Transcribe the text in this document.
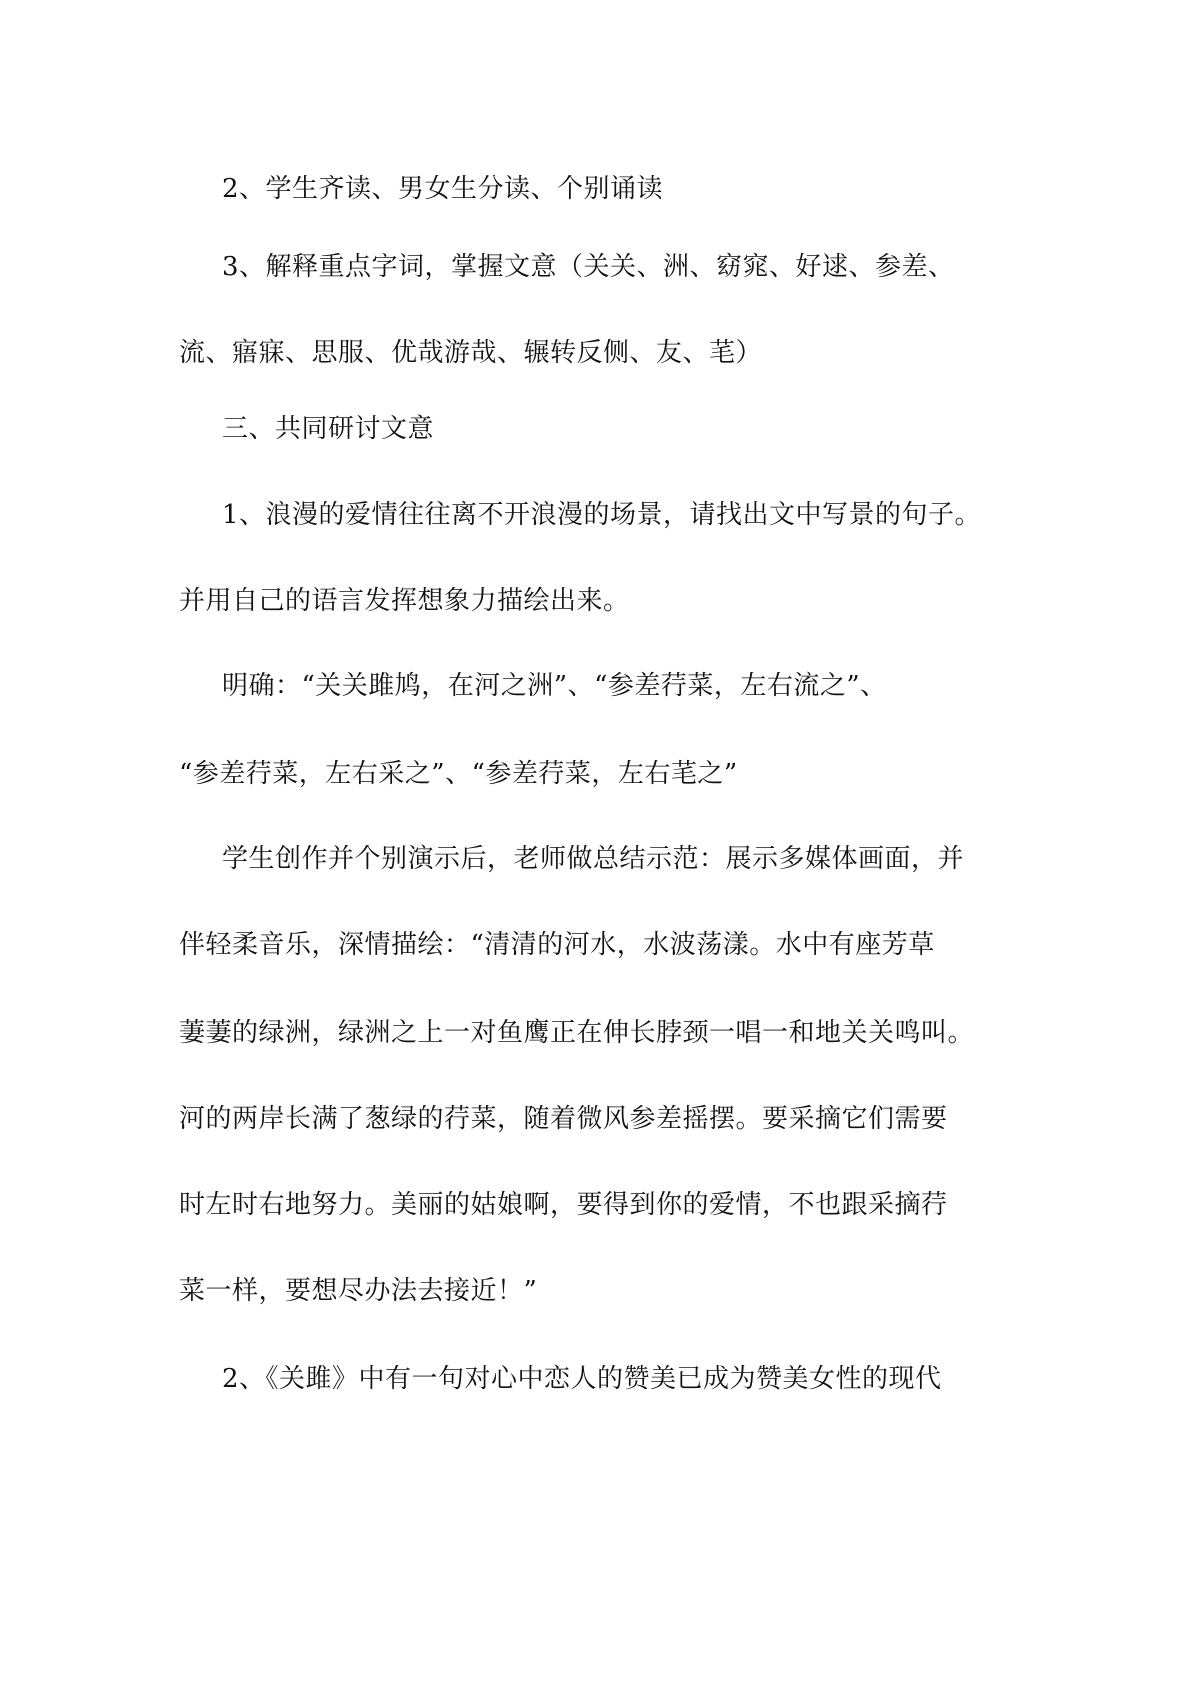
2、学生齐读、男女生分读、个别诵读
3、解释重点字词，掌握文意（关关、洲、窈窕、好逑、参差、
流、寤寐、思服、优哉游哉、辗转反侧、友、芼）
三、共同研讨文意
1、浪漫的爱情往往离不开浪漫的场景，请找出文中写景的句子。
并用自己的语言发挥想象力描绘出来。
明确：“关关雎鸠，在河之洲”、“参差荇菜，左右流之”、
“参差荇菜，左右采之”、“参差荇菜，左右芼之”
学生创作并个别演示后，老师做总结示范：展示多媒体画面，并
伴轻柔音乐，深情描绘：“清清的河水，水波荡漾。水中有座芳草
萋萋的绿洲，绿洲之上一对鱼鹰正在伸长脖颈一唱一和地关关鸣叫。
河的两岸长满了葱绿的荇菜，随着微风参差摇摆。要采摘它们需要
时左时右地努力。美丽的姑娘啊，要得到你的爱情，不也跟采摘荇
菜一样，要想尽办法去接近！”
2、《关雎》中有一句对心中恋人的赞美已成为赞美女性的现代
